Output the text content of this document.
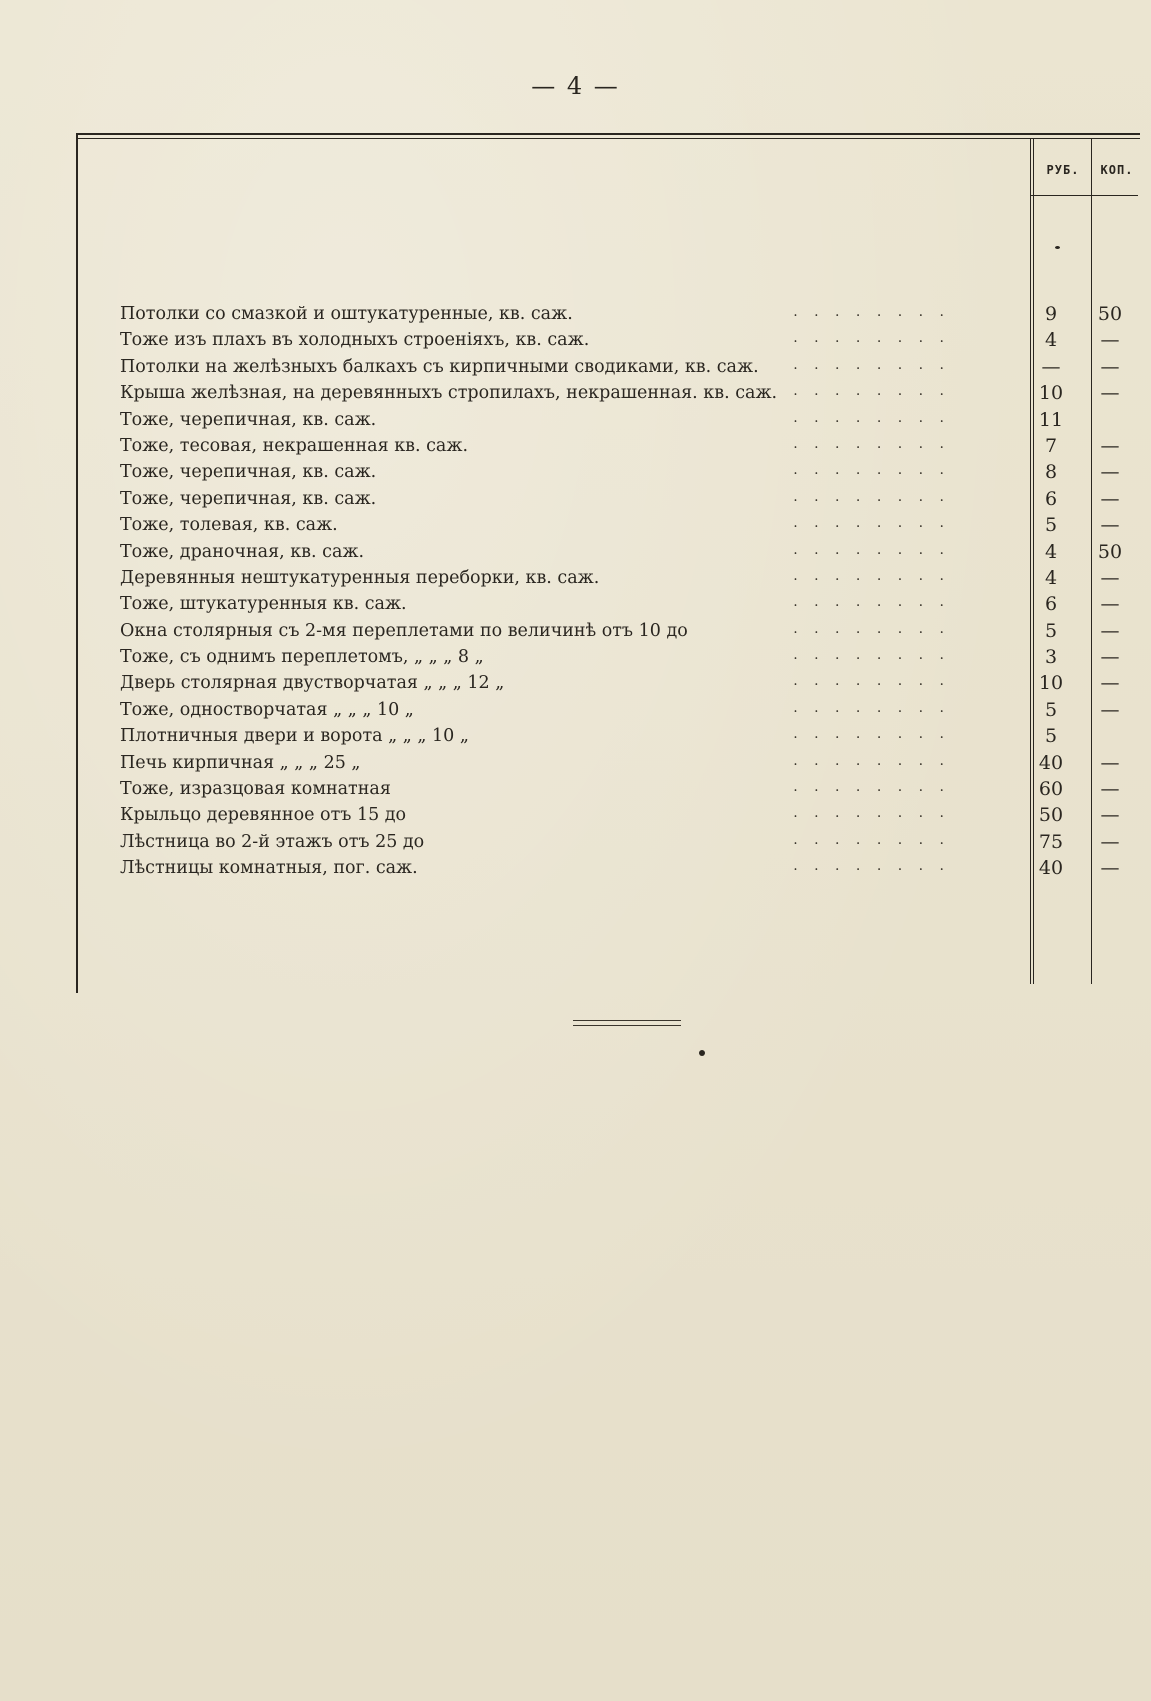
— 4 —
РУБ.	КОП.
Потолки со смазкой и оштукатуренные, кв. саж.	. . . . . . . .	9	50
Тоже изъ плахъ въ холодныхъ строеніяхъ, кв. саж.	. . . . . . . .	4	—
Потолки на желѣзныхъ балкахъ съ кирпичными сводиками, кв. саж. . . . . . . . .	—	—
Крыша желѣзная, на деревянныхъ стропилахъ, некрашенная. кв. саж. . . . . . . . .	10	—
Тоже, черепичная, кв. саж.	. . . . . . . .	11
Тоже, тесовая, некрашенная кв. саж.	. . . . . . . .	7	—
Тоже, черепичная, кв. саж.	. . . . . . . .	8	—
Тоже, черепичная, кв. саж.	. . . . . . . .	6	—
Тоже, толевая, кв. саж.	. . . . . . . .	5	—
Тоже, драночная, кв. саж.	. . . . . . . .	4	50
Деревянныя нештукатуренныя переборки, кв. саж.	. . . . . . . .	4	—
Тоже, штукатуренныя кв. саж.	. . . . . . . .	6	—
Окна столярныя съ 2-мя переплетами по величинѣ отъ 10 до	. . . . . . . .	5	—
Тоже, съ однимъ переплетомъ, „ „ „ 8 „	. . . . . . . .	3	—
Дверь столярная двустворчатая „ „ „ 12 „	. . . . . . . .	10	—
Тоже, одностворчатая „ „ „ 10 „	. . . . . . . .	5	—
Плотничныя двери и ворота „ „ „ 10 „	. . . . . . . .	5
Печь кирпичная „ „ „ 25 „	. . . . . . . .	40	—
Тоже, изразцовая комнатная	. . . . . . . .	60	—
Крыльцо деревянное отъ 15 до	. . . . . . . .	50	—
Лѣстница во 2-й этажъ отъ 25 до	. . . . . . . .	75	—
Лѣстницы комнатныя, пог. саж.	. . . . . . . .	40	—
